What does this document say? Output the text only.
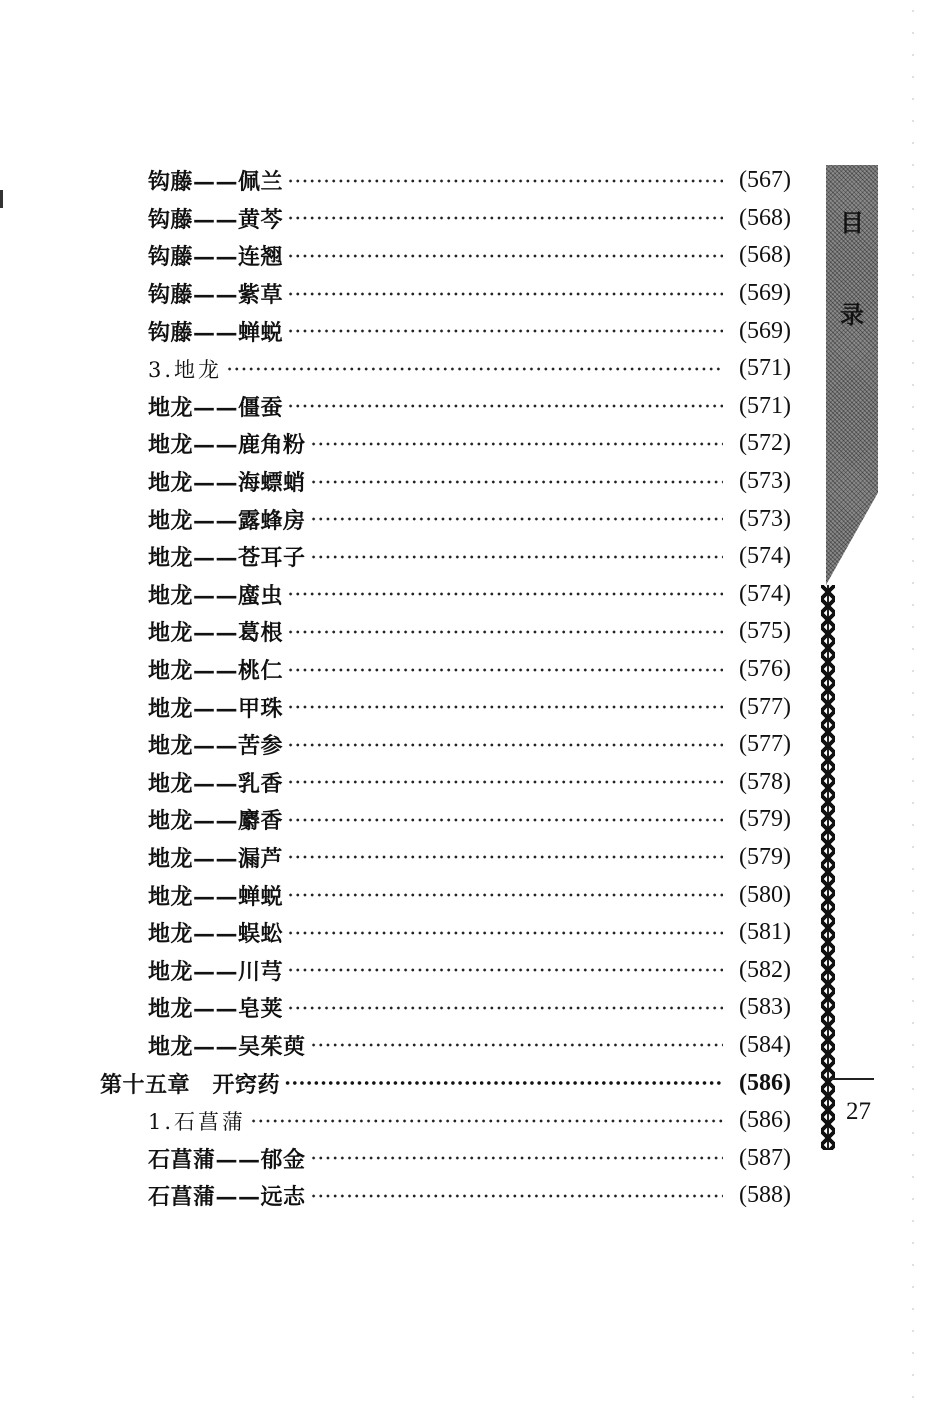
钩藤——佩兰	(567)
钩藤——黄芩	(568)
钩藤——连翘	(568)
钩藤——紫草	(569)
钩藤——蝉蜕	(569)
3.地龙	(571)
地龙——僵蚕	(571)
地龙——鹿角粉	(572)
地龙——海螵蛸	(573)
地龙——露蜂房	(573)
地龙——苍耳子	(574)
地龙——䗪虫	(574)
地龙——葛根	(575)
地龙——桃仁	(576)
地龙——甲珠	(577)
地龙——苦参	(577)
地龙——乳香	(578)
地龙——麝香	(579)
地龙——漏芦	(579)
地龙——蝉蜕	(580)
地龙——蜈蚣	(581)
地龙——川芎	(582)
地龙——皂荚	(583)
地龙——吴茱萸	(584)
第十五章　开窍药	(586)
1.石菖蒲	(586)
石菖蒲——郁金	(587)
石菖蒲——远志	(588)
目
录
27
